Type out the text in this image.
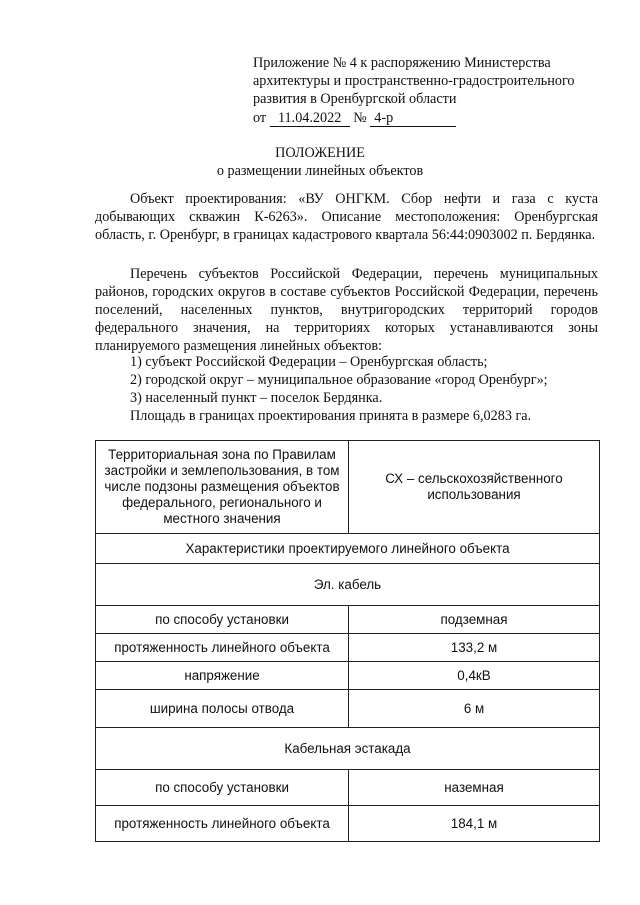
Приложение № 4 к распоряжению Министерства
архитектуры и пространственно-градостроительного
развития в Оренбургской области
от 11.04.2022 № 4-р
ПОЛОЖЕНИЕ
о размещении линейных объектов
Объект проектирования: «ВУ ОНГКМ. Сбор нефти и газа с куста добывающих скважин К-6263». Описание местоположения: Оренбургская область, г. Оренбург, в границах кадастрового квартала 56:44:0903002 п. Бердянка.
Перечень субъектов Российской Федерации, перечень муниципальных районов, городских округов в составе субъектов Российской Федерации, перечень поселений, населенных пунктов, внутригородских территорий городов федерального значения, на территориях которых устанавливаются зоны планируемого размещения линейных объектов:
1) субъект Российской Федерации – Оренбургская область;
2) городской округ – муниципальное образование «город Оренбург»;
3) населенный пункт – поселок Бердянка.
Площадь в границах проектирования принята в размере 6,0283 га.
Территориальная зона по Правилам застройки и землепользования, в том числе подзоны размещения объектов федерального, регионального и местного значения	СХ – сельскохозяйственного использования
Характеристики проектируемого линейного объекта	
Эл. кабель	
по способу установки	подземная
протяженность линейного объекта	133,2 м
напряжение	0,4кВ
ширина полосы отвода	6 м
Кабельная эстакада	
по способу установки	наземная
протяженность линейного объекта	184,1 м
